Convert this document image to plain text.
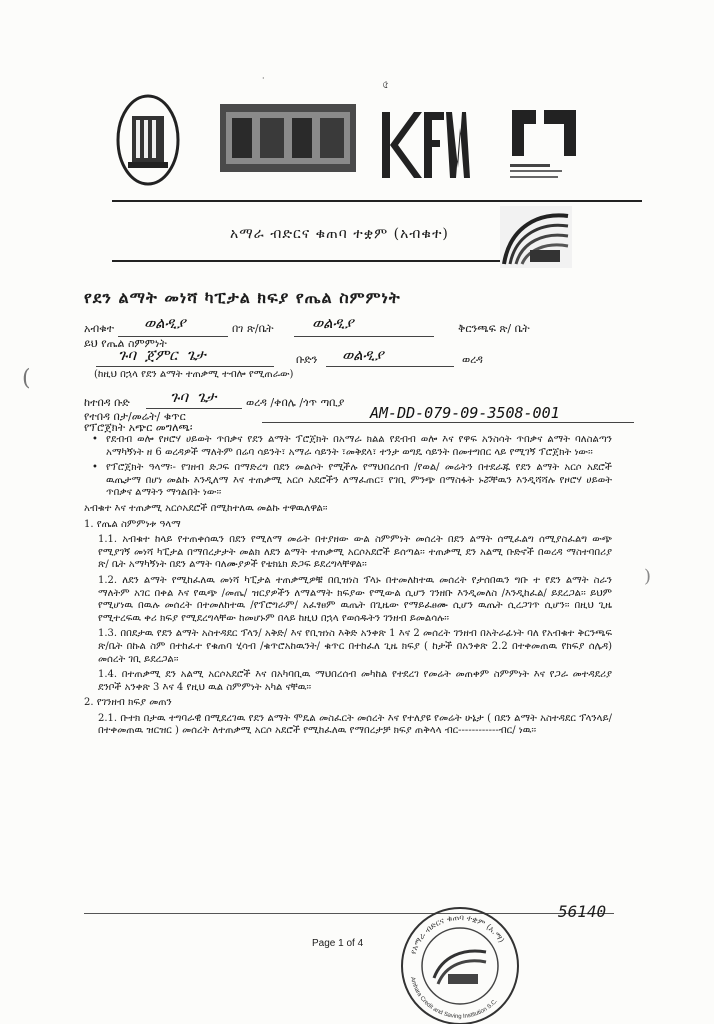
৫
·
(
)
አማራ ብድርና ቁጠባ ተቋም (አብቁተ)
የደን ልማት መነሻ ካፒታል ክፍያ የጤል ስምምነት
አብቁተ ወልዲያ	በገ ጽ/ቤት	ወልዲያ	ቅርንጫፍ ጽ/ ቤት
ይህ የጤል ስምምነት
ጉባ ጀምር ጌታ	ቡድን ወልዲያ	ወረዳ
(ከዚህ በኋላ የደን ልማት ተጠቃሚ ተብሎ የሚጠራው)
ከተበዳ ቡድ	ጉባ ጌታ	ወረዳ /ቀበሌ /ጎጥ ጣቢያ
የተበዳ በታ/መሬት/ ቁጥር	AM-DD-079-09-3508-001
የፕሮጀክት አጭር መግለጫ፡

• የደብብ ወሎ የዞሮሃ ሀይወት ጥበቃና የደን ልማት ፕሮጀክት በአማራ ክልል የደብብ ወሎ እና የዋፍ አንስሳት ጥበቃና ልማት ባለስልጣን አማካኝነት ዘ 6 ወረዳዎች ማለትም በሬባ ሳይንት፣ አማራ ሳይንት ፣መቅደላ፣ ተንታ ወግዴ ሳይንት በመተግበር ላይ የሚገኝ ፕሮጀክት ነው፡፡

• የፕሮጀክት ዓላማ፡- የገዘብ ድጋፍ በማድረግ በደን መልሶት የሚችሉ የማህበረሰብ /የወል/ መሬትን በተደራጁ የደን ልማት አርሶ አደሮች ዉጤታማ በሆነ መልኩ እንዲለማ እና ተጠቃሚ አርሶ አደሮችን ለማፈጠር፣ የገቢ ምንጭ በማስፋት ኑሯቸዉን እንዲሻሻሉ የዞሮሃ ሀይወት ጥበቃና ልማትን ማጎልበት ነው፡፡

አብቁተ እና ተጠቃሚ አርሶአደሮች በሚከተለዉ መልኩ ተዋዉለዋል፡፡

1. የጤል ስምምነቱ ዓላማ

1.1. አብቁተ ከላይ የተጠቀሰዉን በደን የሚለማ መሬት በተያዘው ውል ስምምነት መሰረት በደን ልማት ሰሚፈልግ ሰሚያስፈልግ ውጭ የሚያገኝ መነሻ ካፒታል በማበረታታት መልክ ለደን ልማት ተጠቃሚ አርሶአደሮች ይሰጣል፡፡ ተጠቃሚ ደን አልሚ ቡድኖች በወረዳ ማስተባበሪያ ጽ/ ቤት አማካኝነት በደን ልማት ባለሙያዎች የቴክኒክ ድጋፍ ይደረግላቸዋል፡፡

1.2. ለደን ልማት የሚከፈለዉ መነሻ ካፒታል ተጠቃሚዎቹ በቢዝነስ ፕላኑ በተመለከተዉ መሰረት የታሰበዉን ግቡ ተ የደን ልማት ስራን ማለትም አገር በቀል እና የዉጭ /መጤ/ ዝርያዎችን ለማልማት ክፍያው የሚውል ሲሆን ገንዘቡ እንዲመለስ /እንዲከፈል/ ይደረጋል፡፡ ይህም የሚሆነዉ በዉሉ መሰረት በተመለከተዉ /የፕሮግራም/ አፈፃፀም ዉጤት በጊዜው የማይፈፀሙ ሲሆን ዉጤት ሲረጋገጥ ሲሆን፡፡ በዚህ ጊዜ የሚተረፍዉ ቀሪ ክፍያ የሚደረግላቸው ከመሆኑም በላይ ከዚህ በኋላ የወሰዱትን ገንዘብ ይመልሳሉ፡፡

1.3. በበደታዉ የደን ልማት አስተዳደር ፕላን/ አቅድ/ እና የቢዝነስ እቅድ አንቀጽ 1 እና 2 መሰረት ገንዘብ በአትራፊነት ባለ የአብቁተ ቅርንጫፍ ጽ/ቤት በኩል ስም በተከፈተ የቁጠባ ሂሳብ /ቁጥሮአከዉንት/ ቁጥር በተከፈለ ጊዜ ክፍያ ( ከታች በአንቀጽ 2.2 በተቀመጠዉ የክፍያ ሰሌዳ) መሰረት ገቢ ይደረጋል፡፡

1.4. በተጠቃሚ ደን አልሚ አርሶአደሮች እና በአካባቢዉ ማህበረሰብ መካከል የተደረገ የመሬት መጠቀም ስምምነት እና የጋራ መተዳደሪያ ደንቦች አንቀጽ 3 እና 4 የዚህ ዉል ስምምነት አካል ናቸዉ፡፡

2. የገንዘብ ክፍያ መጠን

2.1. ቡተክ በታዉ ተግባራዊ በሚደረገዉ የደን ልማት ሞዴል መስፈርት መሰረት እና የተለያዩ የመሬት ሁኔታ ( በደን ልማት አስተዳደር ፕላንላይ/ በተቀመጠዉ ዝርዝር ) መሰረት ለተጠቃሚ አርሶ አደሮች የሚከፈለዉ የማበረታቻ ክፍያ ጠቅላላ ብር------------ብር/ ነዉ፡፡

Page 1 of 4
56140
የአማራ ብድርና ቁጠባ ተቋም (አ.ማ)
Amhara Credit and Saving Institution S.C.
